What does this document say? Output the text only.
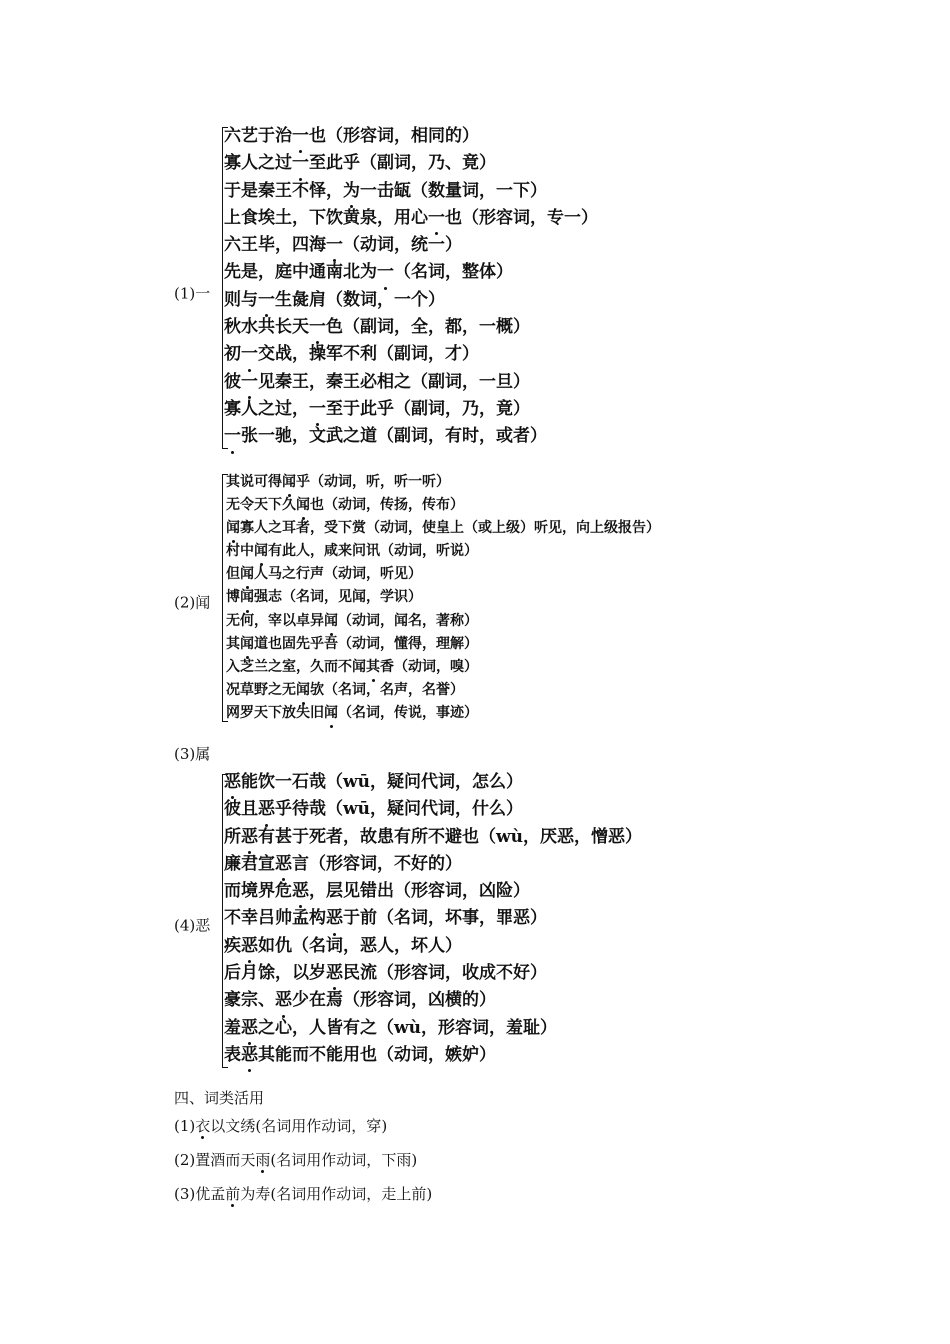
(1)一
六艺于治一也（形容词，相同的）
寡人之过一至此乎（副词，乃、竟）
于是秦王不怿，为一击缻（数量词，一下）
上食埃土，下饮黄泉，用心一也（形容词，专一）
六王毕，四海一（动词，统一）
先是，庭中通南北为一（名词，整体）
则与一生彘肩（数词，一个）
秋水共长天一色（副词，全，都，一概）
初一交战，操军不利（副词，才）
彼一见秦王，秦王必相之（副词，一旦）
寡人之过，一至于此乎（副词，乃，竟）
一张一驰，文武之道（副词，有时，或者）
(2)闻
其说可得闻乎（动词，听，听一听）
无令天下久闻也（动词，传扬，传布）
闻寡人之耳者，受下赏（动词，使皇上（或上级）听见，向上级报告）
村中闻有此人，咸来问讯（动词，听说）
但闻人马之行声（动词，听见）
博闻强志（名词，见闻，学识）
无何，宰以卓异闻（动词，闻名，著称）
其闻道也固先乎吾（动词，懂得，理解）
入芝兰之室，久而不闻其香（动词，嗅）
况草野之无闻欤（名词，名声，名誉）
网罗天下放失旧闻（名词，传说，事迹）
(3)属
(4)恶
恶能饮一石哉（wū，疑问代词，怎么）
彼且恶乎待哉（wū，疑问代词，什么）
所恶有甚于死者，故患有所不避也（wù，厌恶，憎恶）
廉君宣恶言（形容词，不好的）
而境界危恶，层见错出（形容词，凶险）
不幸吕帅孟构恶于前（名词，坏事，罪恶）
疾恶如仇（名词，恶人，坏人）
后月馀，以岁恶民流（形容词，收成不好）
豪宗、恶少在焉（形容词，凶横的）
羞恶之心，人皆有之（wù，形容词，羞耻）
表恶其能而不能用也（动词，嫉妒）
四、词类活用
(1)衣以文绣(名词用作动词，穿)
(2)置酒而天雨(名词用作动词，下雨)
(3)优孟前为寿(名词用作动词，走上前)
